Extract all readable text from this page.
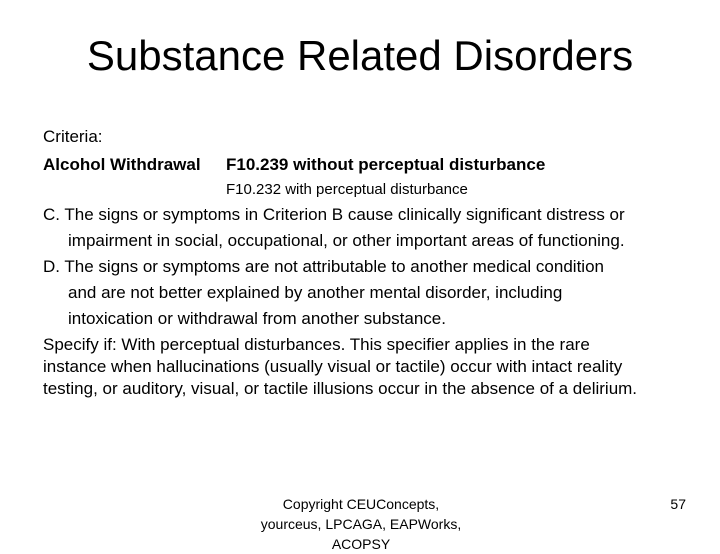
Substance Related Disorders
Criteria:
Alcohol Withdrawal F10.239 without perceptual disturbance
F10.232 with perceptual disturbance
C. The signs or symptoms in Criterion B cause clinically significant distress or
impairment in social, occupational, or other important areas of functioning.
D. The signs or symptoms are not attributable to another medical condition
and are not better explained by another mental disorder, including
intoxication or withdrawal from another substance.
Specify if: With perceptual disturbances. This specifier applies in the rare
instance when hallucinations (usually visual or tactile) occur with intact reality
testing, or auditory, visual, or tactile illusions occur in the absence of a delirium.
Copyright CEUConcepts,
yourceus, LPCAGA, EAPWorks,
ACOPSY
57
